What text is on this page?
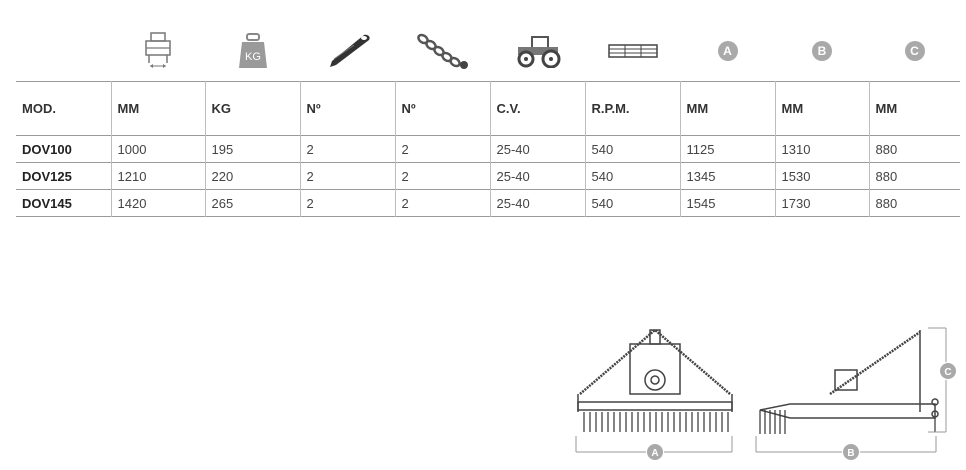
KG	A	B	C
MOD.	MM	KG	Nº	Nº	C.V.	R.P.M.	MM	MM	MM
DOV100	1000	195	2	2	25-40	540	1125	1310	880
DOV125	1210	220	2	2	25-40	540	1345	1530	880
DOV145	1420	265	2	2	25-40	540	1545	1730	880
A	B
C
